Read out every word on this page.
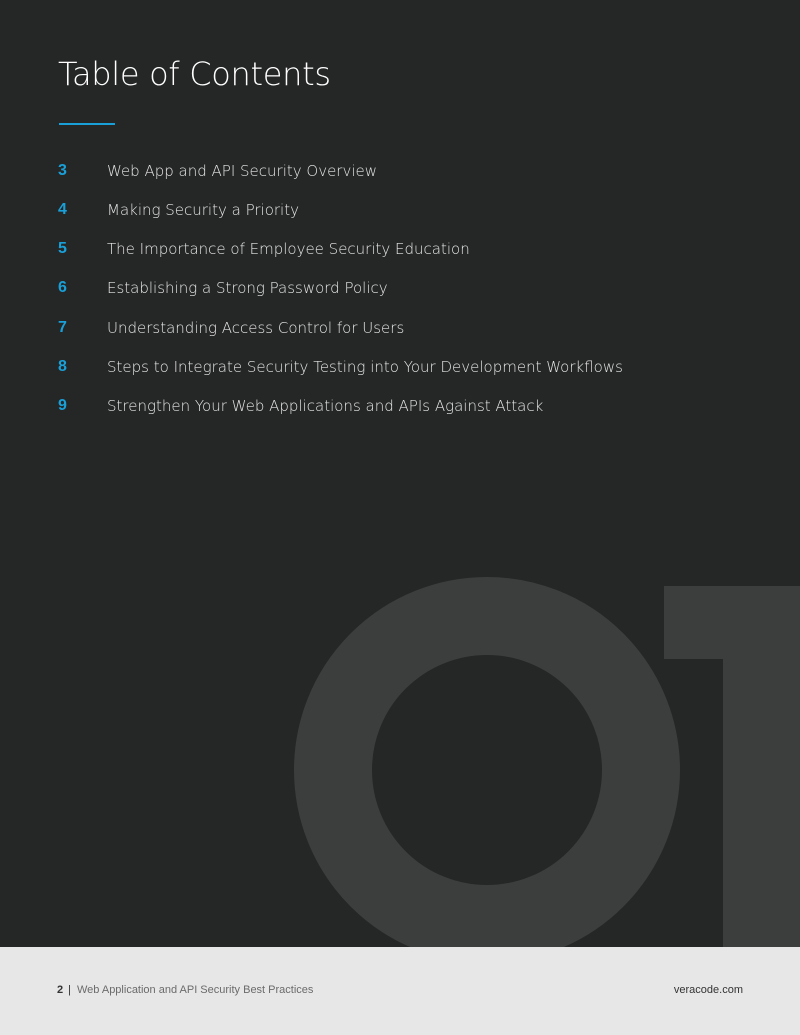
Table of Contents
3	Web App and API Security Overview
4	Making Security a Priority
5	The Importance of Employee Security Education
6	Establishing a Strong Password Policy
7	Understanding Access Control for Users
8	Steps to Integrate Security Testing into Your Development Workflows
9	Strengthen Your Web Applications and APIs Against Attack
2 | Web Application and API Security Best Practices	veracode.com
